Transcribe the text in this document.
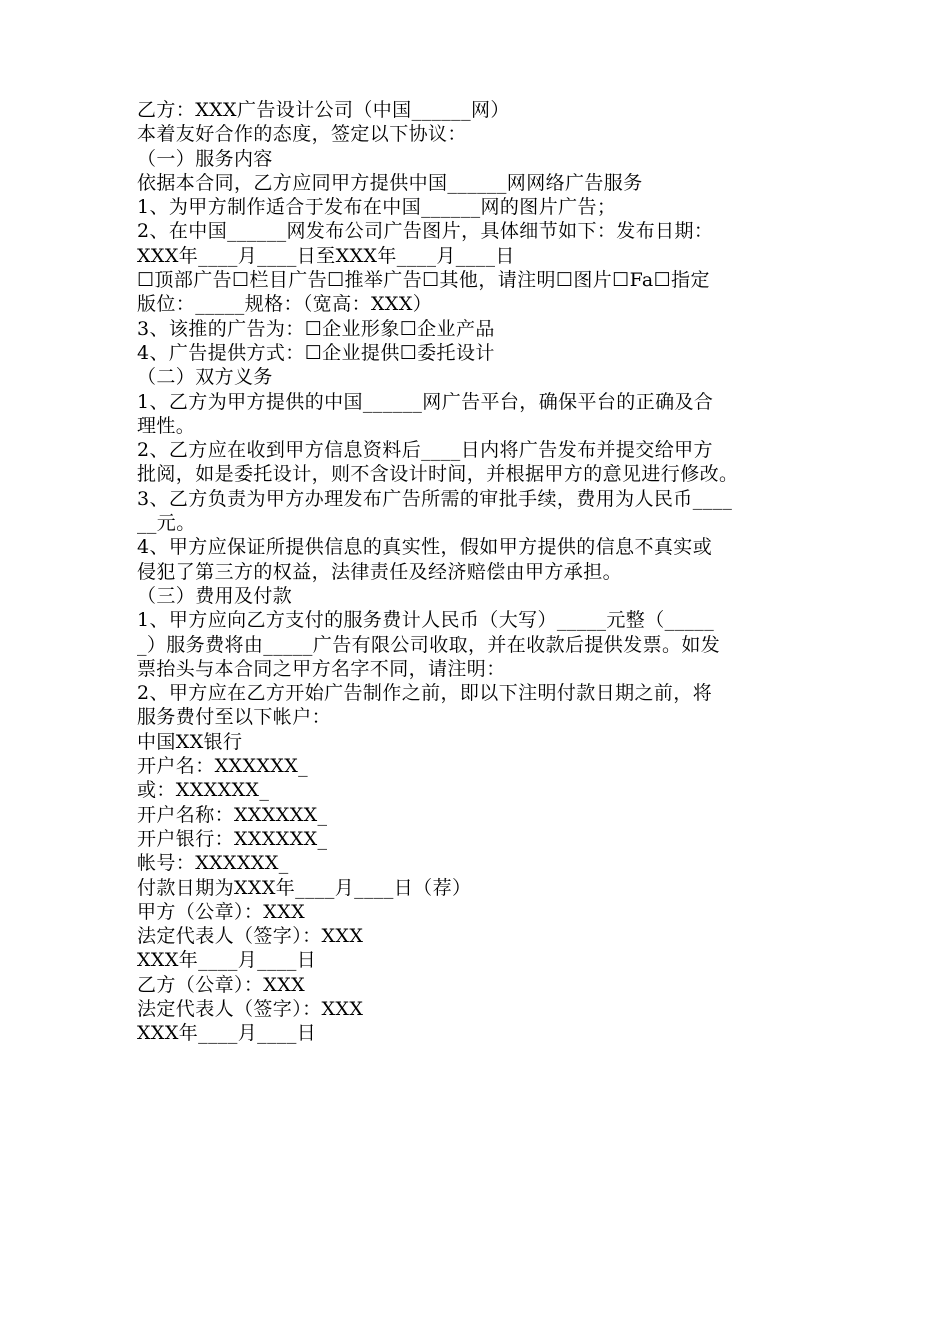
乙方：XXX广告设计公司（中国______网）

本着友好合作的态度，签定以下协议：

（一）服务内容

依据本合同，乙方应同甲方提供中国______网网络广告服务

1、为甲方制作适合于发布在中国______网的图片广告；

2、在中国______网发布公司广告图片，具体细节如下：发布日期：

XXX年____月____日至XXX年____月____日

☐顶部广告☐栏目广告☐推举广告☐其他，请注明☐图片☐Fa☐指定

版位：_____规格：（宽高：XXX）

3、该推的广告为：☐企业形象☐企业产品

4、广告提供方式：☐企业提供☐委托设计

（二）双方义务

1、乙方为甲方提供的中国______网广告平台，确保平台的正确及合

理性。

2、乙方应在收到甲方信息资料后____日内将广告发布并提交给甲方

批阅，如是委托设计，则不含设计时间，并根据甲方的意见进行修改。

3、乙方负责为甲方办理发布广告所需的审批手续，费用为人民币____

__元。

4、甲方应保证所提供信息的真实性，假如甲方提供的信息不真实或

侵犯了第三方的权益，法律责任及经济赔偿由甲方承担。

（三）费用及付款

1、甲方应向乙方支付的服务费计人民币（大写）_____元整（_____

_）服务费将由_____广告有限公司收取，并在收款后提供发票。如发

票抬头与本合同之甲方名字不同，请注明：

2、甲方应在乙方开始广告制作之前，即以下注明付款日期之前，将

服务费付至以下帐户：

中国XX银行

开户名：XXXXXX_

或：XXXXXX_

开户名称：XXXXXX_

开户银行：XXXXXX_

帐号：XXXXXX_

付款日期为XXX年____月____日（荐）

甲方（公章）：XXX

法定代表人（签字）：XXX

XXX年____月____日

乙方（公章）：XXX

法定代表人（签字）：XXX

XXX年____月____日
